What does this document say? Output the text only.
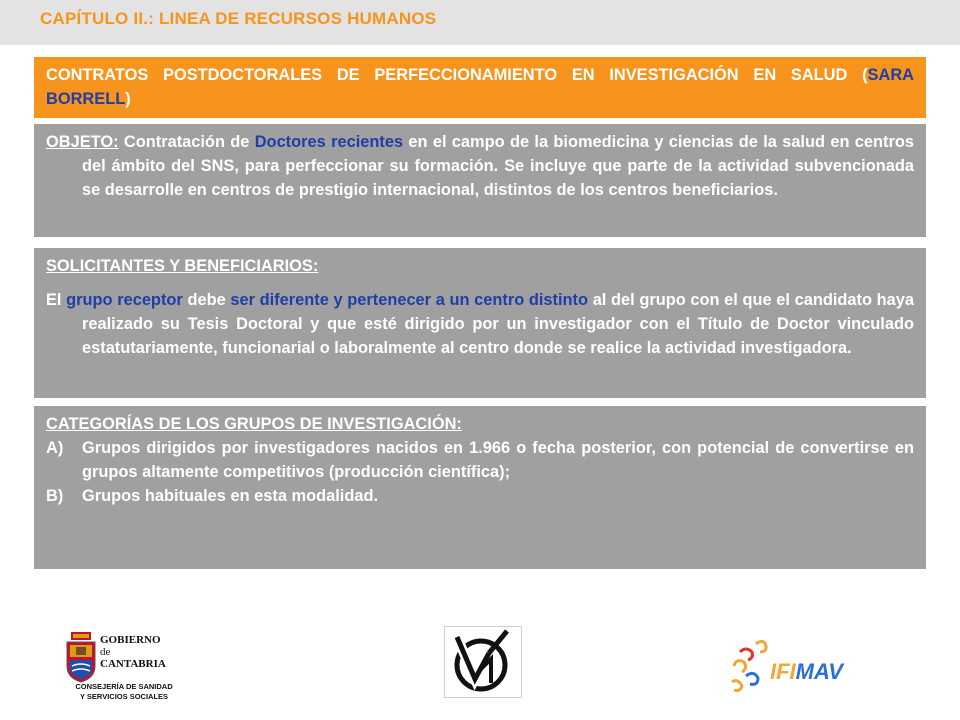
CAPÍTULO II.: LINEA DE RECURSOS HUMANOS

CONTRATOS POSTDOCTORALES DE PERFECCIONAMIENTO EN INVESTIGACIÓN EN SALUD (SARA BORRELL)

OBJETO: Contratación de Doctores recientes en el campo de la biomedicina y ciencias de la salud en centros del ámbito del SNS, para perfeccionar su formación. Se incluye que parte de la actividad subvencionada se desarrolle en centros de prestigio internacional, distintos de los centros beneficiarios.

SOLICITANTES Y BENEFICIARIOS:

El grupo receptor debe ser diferente y pertenecer a un centro distinto al del grupo con el que el candidato haya realizado su Tesis Doctoral y que esté dirigido por un investigador con el Título de Doctor vinculado estatutariamente, funcionarial o laboralmente al centro donde se realice la actividad investigadora.

CATEGORÍAS DE LOS GRUPOS DE INVESTIGACIÓN:

A)	Grupos dirigidos por investigadores nacidos en 1.966 o fecha posterior, con potencial de convertirse en grupos altamente competitivos (producción científica);
B)	Grupos habituales en esta modalidad.
GOBIERNO
de
CANTABRIA
CONSEJERÍA DE SANIDAD
Y SERVICIOS SOCIALES
IFIMAV
